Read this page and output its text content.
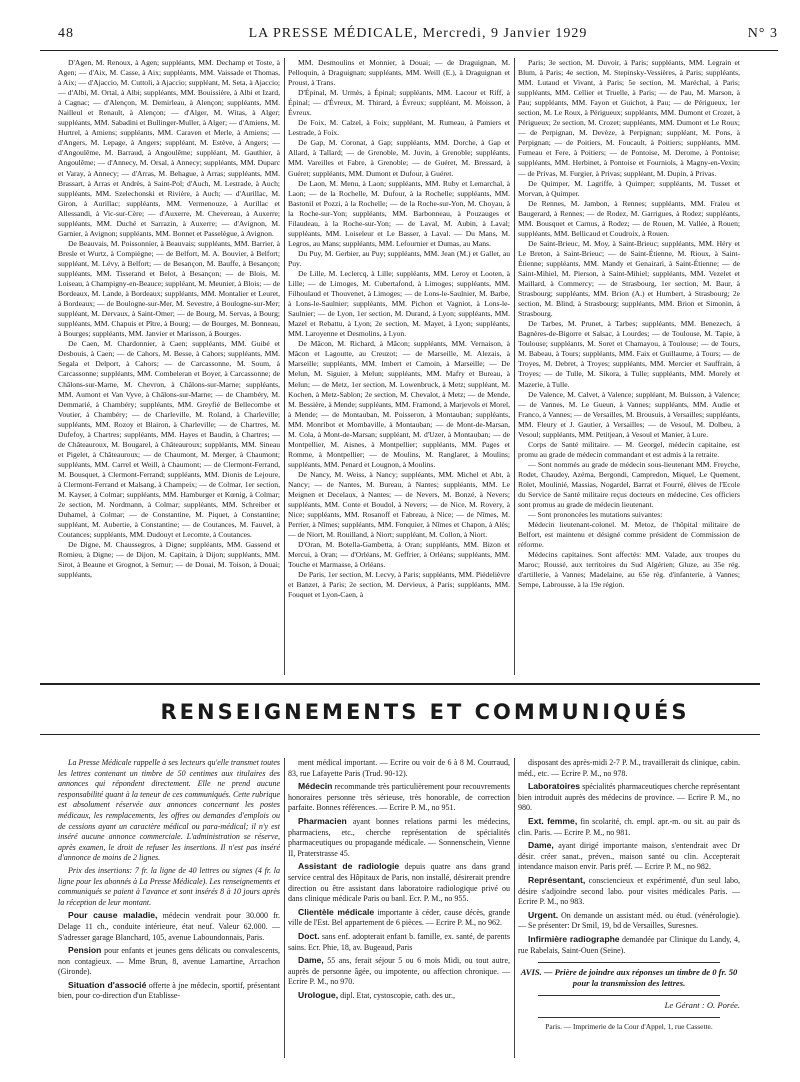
48	LA PRESSE MÉDICALE, Mercredi, 9 Janvier 1929	N° 3

D'Agen, M. Renoux, à Agen; suppléants, MM. Dechamp et Toste, à Agen; — d'Aix, M. Casse, à Aix; suppléants, MM. Vaissade et Thomas, à Aix; — d'Ajaccio, M. Cuttoli, à Ajaccio; suppléant, M. Seta, à Ajaccio; — d'Albi, M. Ortal, à Albi; suppléants, MM. Bouissière, à Albi et Izard, à Cagnac; — d'Alençon, M. Demirleau, à Alençon; suppléants, MM. Nailleul et Renault, à Alençon; — d'Alger, M. Witas, à Alger; suppléants, MM. Sabadini et Bullinger-Muller, à Alger; — d'Amiens, M. Hurtrel, à Amiens; suppléants, MM. Caraven et Merle, à Amiens; — d'Angers, M. Lepage, à Angers; suppléant, M. Estève, à Angers; — d'Angoulême, M. Barraud, à Angoulême; suppléant, M. Gauthier, à Angoulême; — d'Annecy, M. Orsal, à Annecy; suppléants, MM. Duparc et Varay, à Annecy; — d'Arras, M. Behague, à Arras; suppléants, MM. Brassart, à Arras et Andrès, à Saint-Pol; d'Auch, M. Lestrade, à Auch; suppléants, MM. Szelechonski et Rivière, à Auch; — d'Aurillac, M. Giron, à Aurillac; suppléants, MM. Vermenouze, à Aurillac et Allessandi, à Vic-sur-Cère; — d'Auxerre, M. Chevereau, à Auxerre; suppléants, MM. Duché et Sarrazin, à Auxerre; — d'Avignon, M. Garnier, à Avignon; suppléants, MM. Bonnet et Passelègue, à Avignon.

De Beauvais, M. Poissonnier, à Beauvais; suppléants, MM. Barrier, à Bresle et Wurtz, à Compiègne; — de Belfort, M. A. Bouvier, à Belfort; suppléant, M. Lévy, à Belfort; — de Besançon, M. Bauffe, à Besançon; suppléants, MM. Tisserand et Belot, à Besançon; — de Blois, M. Loiseau, à Champigny-en-Beauce; suppléant, M. Meunier, à Blois; — de Bordeaux, M. Lande, à Bordeaux; suppléants, MM. Montalier et Leuret, à Bordeaux; — de Boulogne-sur-Mer, M. Sevestre, à Boulogne-sur-Mer; suppléant, M. Dervaux, à Saint-Omer; — de Bourg, M. Servas, à Bourg; suppléants, MM. Chapuis et Pître, à Bourg; — de Bourges, M. Bonneau, à Bourges; suppléants, MM. Janvier et Marisson, à Bourges.

De Caen, M. Chardonnier, à Caen; suppléants, MM. Guibé et Desbouis, à Caen; — de Cahors, M. Besse, à Cahors; suppléants, MM. Segala et Delport, à Cahors; — de Carcassonne, M. Soum, à Carcassonne; suppléants, MM. Combeleran et Boyer, à Carcassonne; de Châlons-sur-Marne, M. Chevron, à Châlons-sur-Marne; suppléants, MM. Aumont et Van Vyve, à Châlons-sur-Marne; — de Chambéry, M. Demmarié, à Chambéry; suppléants, MM. Greyfié de Bellecombe et Voutier, à Chambéry; — de Charleville, M. Roland, à Charleville; suppléants, MM. Rozoy et Blairon, à Charleville; — de Chartres, M. Dufefoy, à Chartres; suppléants, MM. Hayes et Baudin, à Chartres; — de Châteauroux, M. Bougarel, à Châteauroux; suppléants, MM. Sineau et Pigelet, à Châteauroux; — de Chaumont, M. Merger, à Chaumont; suppléants, MM. Carrel et Weill, à Chaumont; — de Clermont-Ferrand, M. Bousquet, à Clermont-Ferrand; suppléants, MM. Dionis de Lejoure, à Clermont-Ferrand et Malsang, à Champeix; — de Colmar, 1er section, M. Kayser, à Colmar; suppléants, MM. Hamburger et Kœnig, à Colmar; 2e section, M. Nordmann, à Colmar; suppléants, MM. Schreiber et Duhamel, à Colmar; — de Constantine, M. Piquet, à Constantine; suppléant, M. Aubertie, à Constantine; — de Coutances, M. Fauvel, à Coutances; suppléants, MM. Dudouyt et Lecomte, à Coutances.

De Digne, M. Chaussegros, à Digne; suppléants, MM. Gassend et Romieu, à Digne; — de Dijon, M. Capitain, à Dijon; suppléants, MM. Sirot, à Beaune et Grognot, à Semur; — de Douai, M. Toison, à Douai; suppléants,

MM. Desmoulins et Monnier, à Douai; — de Draguignan, M. Pelloquin, à Draguignan; suppléants, MM. Weill (E.), à Draguignan et Proust, à Trans.

D'Épinal, M. Urmès, à Épinal; suppléants, MM. Lacour et Riff, à Épinal; — d'Évreux, M. Thirard, à Évreux; suppléant, M. Moisson, à Évreux.

De Foix, M. Calzel, à Foix; suppléant, M. Rumeau, à Pamiers et Lestrade, à Foix.

De Gap, M. Coronat, à Gap; suppléants, MM. Dorche, à Gap et Allard, à Tallard; — de Grenoble, M. Juvin, à Grenoble; suppléants, MM. Vareilles et Fabre, à Grenoble; — de Guéret, M. Bressard, à Guéret; suppléants, MM. Dumont et Dufour, à Guéret.

De Laon, M. Menu, à Laon; suppléants, MM. Ruby et Lemarchal, à Laon; — de la Rochelle, M. Dufour, à la Rochelle; suppléants, MM. Bastonil et Pozzi, à la Rochelle; — de la Roche-sur-Yon, M. Choyau, à la Roche-sur-Yon; suppléants, MM. Barbonneau, à Pouzauges et Filaudeau, à la Roche-sur-Yon; — de Laval, M. Aubin, à Laval; suppléants, MM. Loiseleur et Le Basser, à Laval. — Du Mans, M. Legros, au Mans; suppléants, MM. Lefournier et Dumas, au Mans.

Du Puy, M. Gerbier, au Puy; suppléants, MM. Jean (M.) et Gallet, au Puy.

De Lille, M. Leclercq, à Lille; suppléants, MM. Leroy et Looten, à Lille; — de Limoges, M. Cubertafond, à Limoges; suppléants, MM. Filhoulaud et Thouvenet, à Limoges; — de Lons-le-Saulnier, M. Barbe, à Lons-le-Saulnier; suppléants, MM. Pichon et Vagniot, à Lons-le-Saulnier; — de Lyon, 1er section, M. Durand, à Lyon; suppléants, MM. Mazel et Rebattu, à Lyon; 2e section, M. Mayet, à Lyon; suppléants, MM. Laroyenne et Desmolins, à Lyon.

De Mâcon, M. Richard, à Mâcon; suppléants, MM. Vernaison, à Mâcon et Lagoutte, au Creuzot; — de Marseille, M. Alezais, à Marseille; suppléants, MM. Imbert et Camoin, à Marseille; — De Melun, M. Siguier, à Melun; suppléants, MM. Mafry et Bureau, à Melun; — de Metz, 1er section, M. Lowenbruck, à Metz; suppléant, M. Kochen, à Metz-Sablon; 2e section, M. Chevalot, à Metz; — de Mende, M. Bessière, à Mende; suppléants, MM. Framond, à Marjevols et Morel, à Mende; — de Montauban, M. Poisseron, à Montauban; suppléants, MM. Monribot et Mombaville, à Montauban; — de Mont-de-Marsan, M. Cola, à Mont-de-Marsan; suppléant, M. d'Uzer, à Montauban; — de Montpellier, M. Aisnes, à Montpellier; suppléants, MM. Pages et Romme, à Montpellier; — de Moulins, M. Ranglaret, à Moulins; suppléants, MM. Penard et Lougnon, à Moulins.

De Nancy, M. Weiss, à Nancy; suppléants, MM. Michel et Abt, à Nancy; — de Nantes, M. Bureau, à Nantes; suppléants, MM. Le Meignen et Decelaux, à Nantes; — de Nevers, M. Bonzé, à Nevers; suppléants, MM. Conte et Boudol, à Nevers; — de Nice, M. Rovery, à Nice; suppléants, MM. Rosanoff et Fabreau, à Nice; — de Nîmes, M. Perrier, à Nîmes; suppléants, MM. Fonquier, à Nîmes et Chapon, à Alès; — de Niort, M. Rouilland, à Niort; suppléant, M. Collon, à Niort.

D'Oran, M. Botella-Gambetta, à Oran; suppléants, MM. Bizon et Mercui, à Oran; — d'Orléans, M. Geffrier, à Orléans; suppléants, MM. Touche et Marmasse, à Orléans.

De Paris, 1er section, M. Lecvy, à Paris; suppléants, MM. Piédelièvre et Banzet, à Paris; 2e section, M. Dervieux, à Paris; suppléants, MM. Fouquet et Lyon-Caen, à

Paris; 3e section, M. Duvoir, à Paris; suppléants, MM. Legrain et Blum, à Paris; 4e section, M. Stepinsky-Vessières, à Paris; suppléants, MM. Lutaud et Vivant, à Paris; 5e section, M. Maréchal, à Paris; suppléants, MM. Cellier et Truelle, à Paris; — de Pau, M. Marson, à Pau; suppléants, MM. Fayon et Guichot, à Pau; — de Périgueux, 1er section, M. Le Roux, à Périgueux; suppléants, MM. Dumont et Crozet, à Périgueux; 2e section, M. Crozet; suppléants, MM. Dumont et Le Roux; — de Perpignan, M. Devèze, à Perpignan; suppléant, M. Pons, à Perpignan; — de Poitiers, M. Foucault, à Poitiers; suppléants, MM. Fumeau et Fere, à Poitiers; — de Pontoise, M. Derome, à Pontoise; suppléants, MM. Herbinet, à Pontoise et Fourniols, à Magny-en-Vexin; — de Privas, M. Furgier, à Privas; suppléant, M. Dupin, à Privas.

De Quimper, M. Lagriffe, à Quimper; suppléants, M. Tusset et Morvan, à Quimper.

De Rennes, M. Jambon, à Rennes; suppléants, MM. Fraleu et Baugerard, à Rennes; — de Rodez, M. Garrigues, à Rodez; suppléants, MM. Bousquet et Carnus, à Rodez; — de Rouen, M. Vallée, à Rouen; suppléants, MM. Bellicaud et Coudroix, à Rouen.

De Saint-Brieuc, M. Moy, à Saint-Brieuc; suppléants, MM. Héry et Le Breton, à Saint-Brieuc; — de Saint-Étienne, M. Rioux, à Saint-Étienne; suppléants, MM. Mandy et Genairari, à Saint-Étienne; — de Saint-Mihiel, M. Pierson, à Saint-Mihiel; suppléants, MM. Vezelet et Maillard, à Commercy; — de Strasbourg, 1er section, M. Baur, à Strasbourg; suppléants, MM. Brion (A.) et Humbert, à Strasbourg; 2e section, M. Blind, à Strasbourg; suppléants, MM. Brion et Simonin, à Strasbourg.

De Tarbes, M. Prunet, à Tarbes; suppléants, MM. Benezech, à Bagnères-de-Bigorre et Salsac, à Lourdes; — de Toulouse, M. Tapie, à Toulouse; suppléants, M. Soret et Chamayou, à Toulouse; — de Tours, M. Babeau, à Tours; suppléants, MM. Faix et Guillaume, à Tours; — de Troyes, M. Debret, à Troyes; suppléants, MM. Mercier et Sauffrain, à Troyes; — de Tulle, M. Sikora, à Tulle; suppléants, MM. Morely et Mazerie, à Tulle.

De Valence, M. Calvet, à Valence; suppléant, M. Buisson, à Valence; — de Vannes, M. Le Gueun, à Vannes; suppléants, MM. Audie et Franco, à Vannes; — de Versailles, M. Brousuis, à Versailles; suppléants, MM. Fleury et J. Gautier, à Versailles; — de Vesoul, M. Dolbeu, à Vesoul; suppléants, MM. Petitjean, à Vesoul et Manier, à Lure.

Corps de Santé militaire. — M. Georgel, médecin capitaine, est promu au grade de médecin commandant et est admis à la retraite.

— Sont nommés au grade de médecin sous-lieutenant MM. Freyche, Rodet, Chaudey, Azéma, Bergondi, Campredon, Miquel, Le Quement, Rolet, Moulinié, Massias, Nogardel, Barrat et Fourré, élèves de l'Ecole du Service de Santé militaire reçus docteurs en médecine. Ces officiers sont promus au grade de médecin lieutenant.

— Sont prononcées les mutations suivantes:

Médecin lieutenant-colonel. M. Metoz, de l'hôpital militaire de Belfort, est maintenu et désigné comme président de Commission de réforme.

Médecins capitaines. Sont affectés: MM. Valade, aux troupes du Maroc; Roussé, aux territoires du Sud Algérien; Gluze, au 35e rég. d'artillerie, à Vannes; Madelaine, au 65e rég. d'infanterie, à Vannes; Sempe, Labrousse, à la 19e région.

RENSEIGNEMENTS ET COMMUNIQUÉS

La Presse Médicale rappelle à ses lecteurs qu'elle transmet toutes les lettres contenant un timbre de 50 centimes aux titulaires des annonces qui répondent directement. Elle ne prend aucune responsabilité quant à la teneur de ces communiqués. Cette rubrique est absolument réservée aux annonces concernant les postes médicaux, les remplacements, les offres ou demandes d'emplois ou de cessions ayant un caractère médical ou para-médical; il n'y est inséré aucune annonce commerciale. L'administration se réserve, après examen, le droit de refuser les insertions. Il n'est pas inséré d'annonce de moins de 2 lignes.

Prix des insertions: 7 fr. la ligne de 40 lettres ou signes (4 fr. la ligne pour les abonnés à La Presse Médicale). Les renseignements et communiqués se paient à l'avance et sont insérés 8 à 10 jours après la réception de leur montant.

Pour cause maladie, médecin vendrait pour 30.000 fr. Delage 11 ch., conduite intérieure, état neuf. Valeur 62.000. — S'adresser garage Blanchard, 105, avenue Laboundonnais, Paris.

Pension pour enfants et jeunes gens délicats ou convalescents, non contagieux. — Mme Brun, 8, avenue Lamartine, Arcachon (Gironde).

Situation d'associé offerte à jne médecin, sportif, présentant bien, pour co-direction d'un Etablisse-

ment médical important. — Ecrire ou voir de 6 à 8 M. Courraud, 83, rue Lafayette Paris (Trud. 90-12).

Médecin recommande très particulièrement pour recouvrements honoraires personne très sérieuse, très honorable, de correction parfaite. Bonnes références. — Ecrire P. M., no 951.

Pharmacien ayant bonnes relations parmi les médecins, pharmaciens, etc., cherche représentation de spécialités pharmaceutiques ou propagande médicale. — Sonnenschein, Vienne II, Praterstrasse 45.

Assistant de radiologie depuis quatre ans dans grand service central des Hôpitaux de Paris, non installé, désirerait prendre direction ou être assistant dans laboratoire radiologique privé ou dans clinique médicale Paris ou banl. Ecr. P. M., no 955.

Clientèle médicale importante à céder, cause décès, grande ville de l'Est. Bel appartement de 6 pièces. — Ecrire P. M., no 962.

Doct. sans enf. adopterait enfant b. famille, ex. santé, de parents sains. Ecr. Phie, 18, av. Bugeaud, Paris

Dame, 55 ans, ferait séjour 5 ou 6 mois Midi, ou tout autre, auprès de personne âgée, ou impotente, ou affection chronique. — Ecrire P. M., no 970.

Urologue, dipl. Etat, cystoscopie, cath. des ur.,

disposant des après-midi 2-7 P. M., travaillerait ds clinique, cabin. méd., etc. — Ecrire P. M., no 978.

Laboratoires spécialités pharmaceutiques cherche représentant bien introduit auprès des médecins de province. — Ecrire P. M., no 980.

Ext. femme, fin scolarité, ch. empl. apr.-m. ou sit. au pair ds clin. Paris. — Ecrire P. M., no 981.

Dame, ayant dirigé importante maison, s'entendrait avec Dr désir. créer sanat., préven., maison santé ou clin. Accepterait intendance maison envir. Paris préf. — Ecrire P. M., no 982.

Représentant, consciencieux et expérimenté, d'un seul labo, désire s'adjoindre second labo. pour visites médicales Paris. — Ecrire P. M., no 983.

Urgent. On demande un assistant méd. ou étud. (vénérologie). — Se présenter: Dr Smil, 19, bd de Versailles, Suresnes.

Infirmière radiographe demandée par Clinique du Landy, 4, rue Rabelais, Saint-Ouen (Seine).

AVIS. — Prière de joindre aux réponses un timbre de 0 fr. 50 pour la transmission des lettres.
Le Gérant : O. Porée.
Paris. — Imprimerie de la Cour d'Appel, 1, rue Cassette.
